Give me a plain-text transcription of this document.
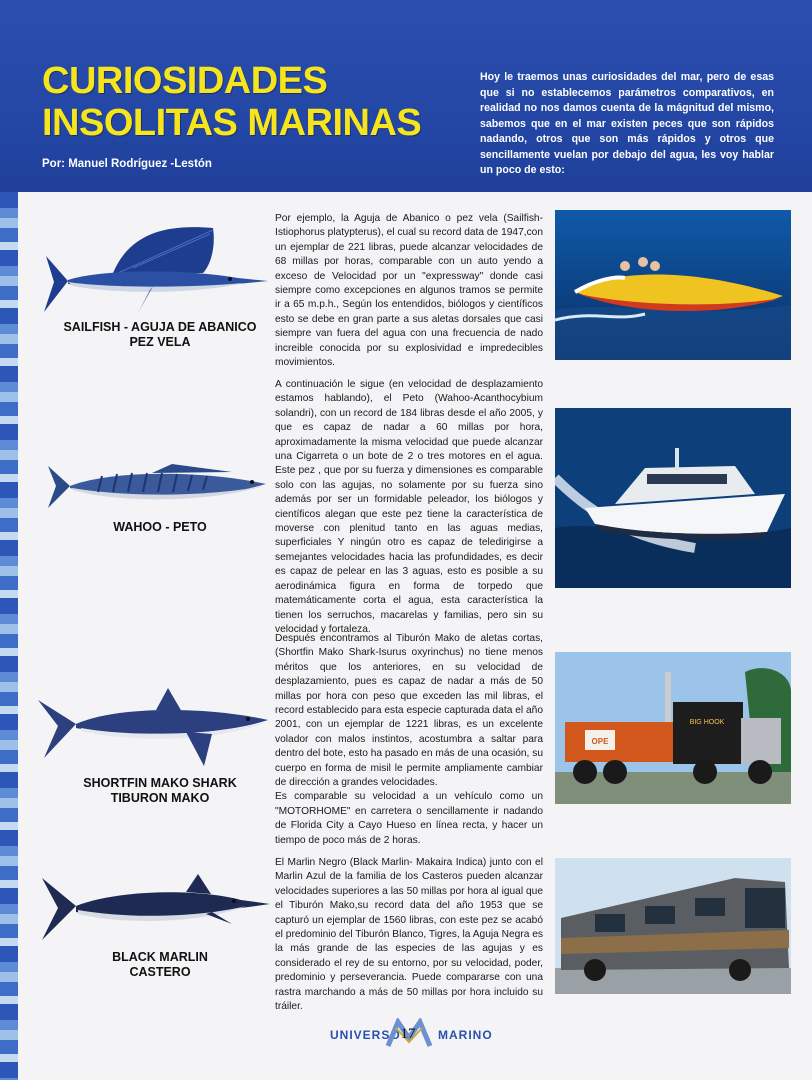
CURIOSIDADES
INSOLITAS MARINAS
Por: Manuel Rodríguez -Lestón
Hoy le traemos unas curiosidades del mar, pero de esas que si no establecemos parámetros comparativos, en realidad no nos damos cuenta de la mágnitud del mismo, sabemos que en el mar existen peces que son rápidos nadando, otros que son más rápidos y otros que sencillamente vuelan por debajo del agua, les voy hablar un poco de esto:
SAILFISH - AGUJA DE ABANICO
PEZ VELA
WAHOO - PETO
SHORTFIN MAKO SHARK
TIBURON MAKO
BLACK MARLIN
CASTERO

Por ejemplo, la Aguja de Abanico o pez vela (Sailfish-Istiophorus platypterus), el cual su record data de 1947,con un ejemplar de 221 libras, puede alcanzar velocidades de 68 millas por horas, comparable con un auto yendo a exceso de Velocidad por un "expressway" donde casi siempre como excepciones en algunos tramos se permite ir a 65 m.p.h., Según los entendidos, biólogos y científicos esto se debe en gran parte a sus aletas dorsales que casi siempre van fuera del agua con una frecuencia de nado increible conocida por su explosividad e impredecibles movimientos.

A continuación le sigue (en velocidad de desplazamiento estamos hablando), el Peto (Wahoo-Acanthocybium solandri), con un record de 184 libras desde el año 2005, y que es capaz de nadar a 60 millas por hora, aproximadamente la misma velocidad que puede alcanzar una Cigarreta o un bote de 2 o tres motores en el agua. Este pez , que por su fuerza y dimensiones es comparable solo con las agujas, no solamente por su fuerza sino además por ser un formidable peleador, los biólogos y científicos alegan que este pez tiene la característica de moverse con plenitud tanto en las aguas medias, superficiales Y ningún otro es capaz de teledirigirse a semejantes velocidades hacia las profundidades, es decir es capaz de pelear en las 3 aguas, esto es posible a su aerodinámica figura en forma de torpedo que matemáticamente corta el agua, esta característica la tienen los serruchos, macarelas y familias, pero sin su velocidad y fortaleza.

Después encontramos al Tiburón Mako de aletas cortas, (Shortfin Mako Shark-Isurus oxyrinchus) no tiene menos méritos que los anteriores, en su velocidad de desplazamiento, pues es capaz de nadar a más de 50 millas por hora con peso que exceden las mil libras, el record establecido para esta especie capturada data el año 2001, con un ejemplar de 1221 libras, es un excelente volador con malos instintos, acostumbra a saltar para dentro del bote, esto ha pasado en más de una ocasión, su cuerpo en forma de misil le permite ampliamente cambiar de dirección a grandes velocidades.
Es comparable su velocidad a un vehículo como un "MOTORHOME" en carretera o sencillamente ir nadando de Florida City a Cayo Hueso en línea recta, y hacer un tiempo de poco más de 2 horas.

El Marlin Negro (Black Marlin- Makaira Indica) junto con el Marlin Azul de la familia de los Casteros pueden alcanzar velocidades superiores a las 50 millas por hora al igual que el Tiburón Mako,su record data del año 1953 que se capturó un ejemplar de 1560 libras, con este pez se acabó el predominio del Tiburón Blanco, Tigres, la Aguja Negra es la más grande de las especies de las agujas y es considerado el rey de su entorno, por su velocidad, poder, predominio y perseverancia. Puede compararse con una rastra marchando a más de 50 millas por hora incluido su tráiler.

OPE
BIG HOOK
UNIVERSO 17 MARINO
